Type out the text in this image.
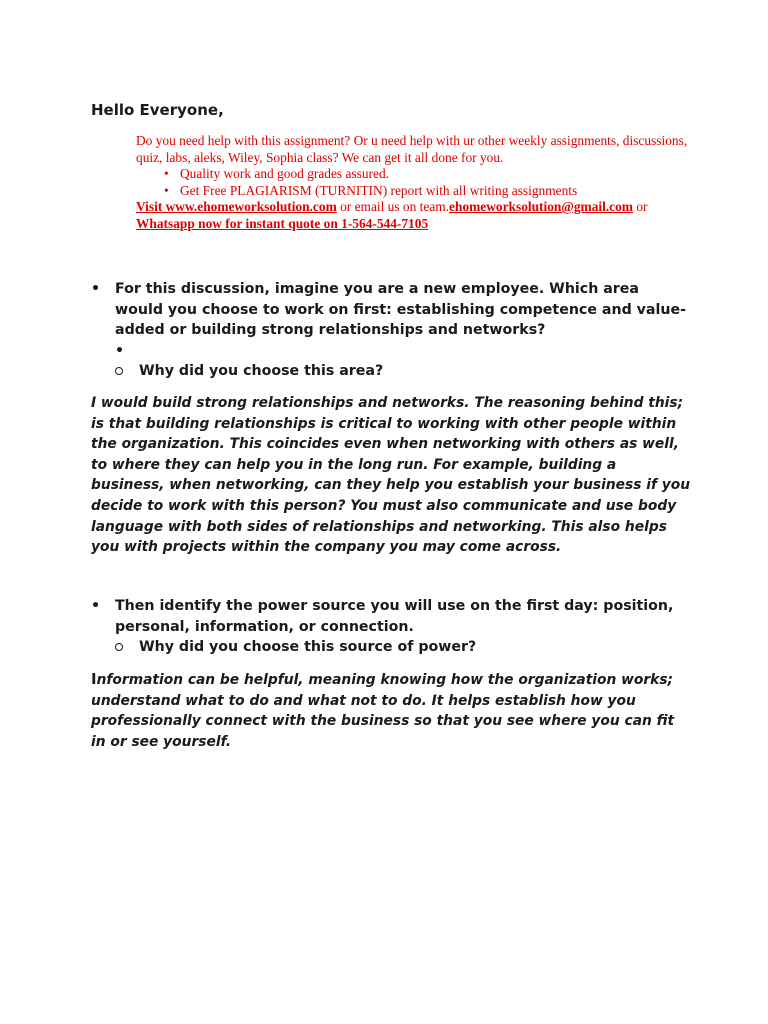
Hello Everyone,

Do you need help with this assignment? Or u need help with ur other weekly assignments, discussions, quiz, labs, aleks, Wiley, Sophia class? We can get it all done for you.

• Quality work and good grades assured.
• Get Free PLAGIARISM (TURNITIN) report with all writing assignments

Visit www.ehomeworksolution.com or email us on team.ehomeworksolution@gmail.com or

Whatsapp now for instant quote on 1-564-544-7105

• For this discussion, imagine you are a new employee. Which area would you choose to work on first: establishing competence and value-added or building strong relationships and networks?
•
Why did you choose this area?

I would build strong relationships and networks. The reasoning behind this; is that building relationships is critical to working with other people within the organization. This coincides even when networking with others as well, to where they can help you in the long run. For example, building a business, when networking, can they help you establish your business if you decide to work with this person? You must also communicate and use body language with both sides of relationships and networking. This also helps you with projects within the company you may come across.

• Then identify the power source you will use on the first day: position, personal, information, or connection.
Why did you choose this source of power?

Information can be helpful, meaning knowing how the organization works; understand what to do and what not to do. It helps establish how you professionally connect with the business so that you see where you can fit in or see yourself.
